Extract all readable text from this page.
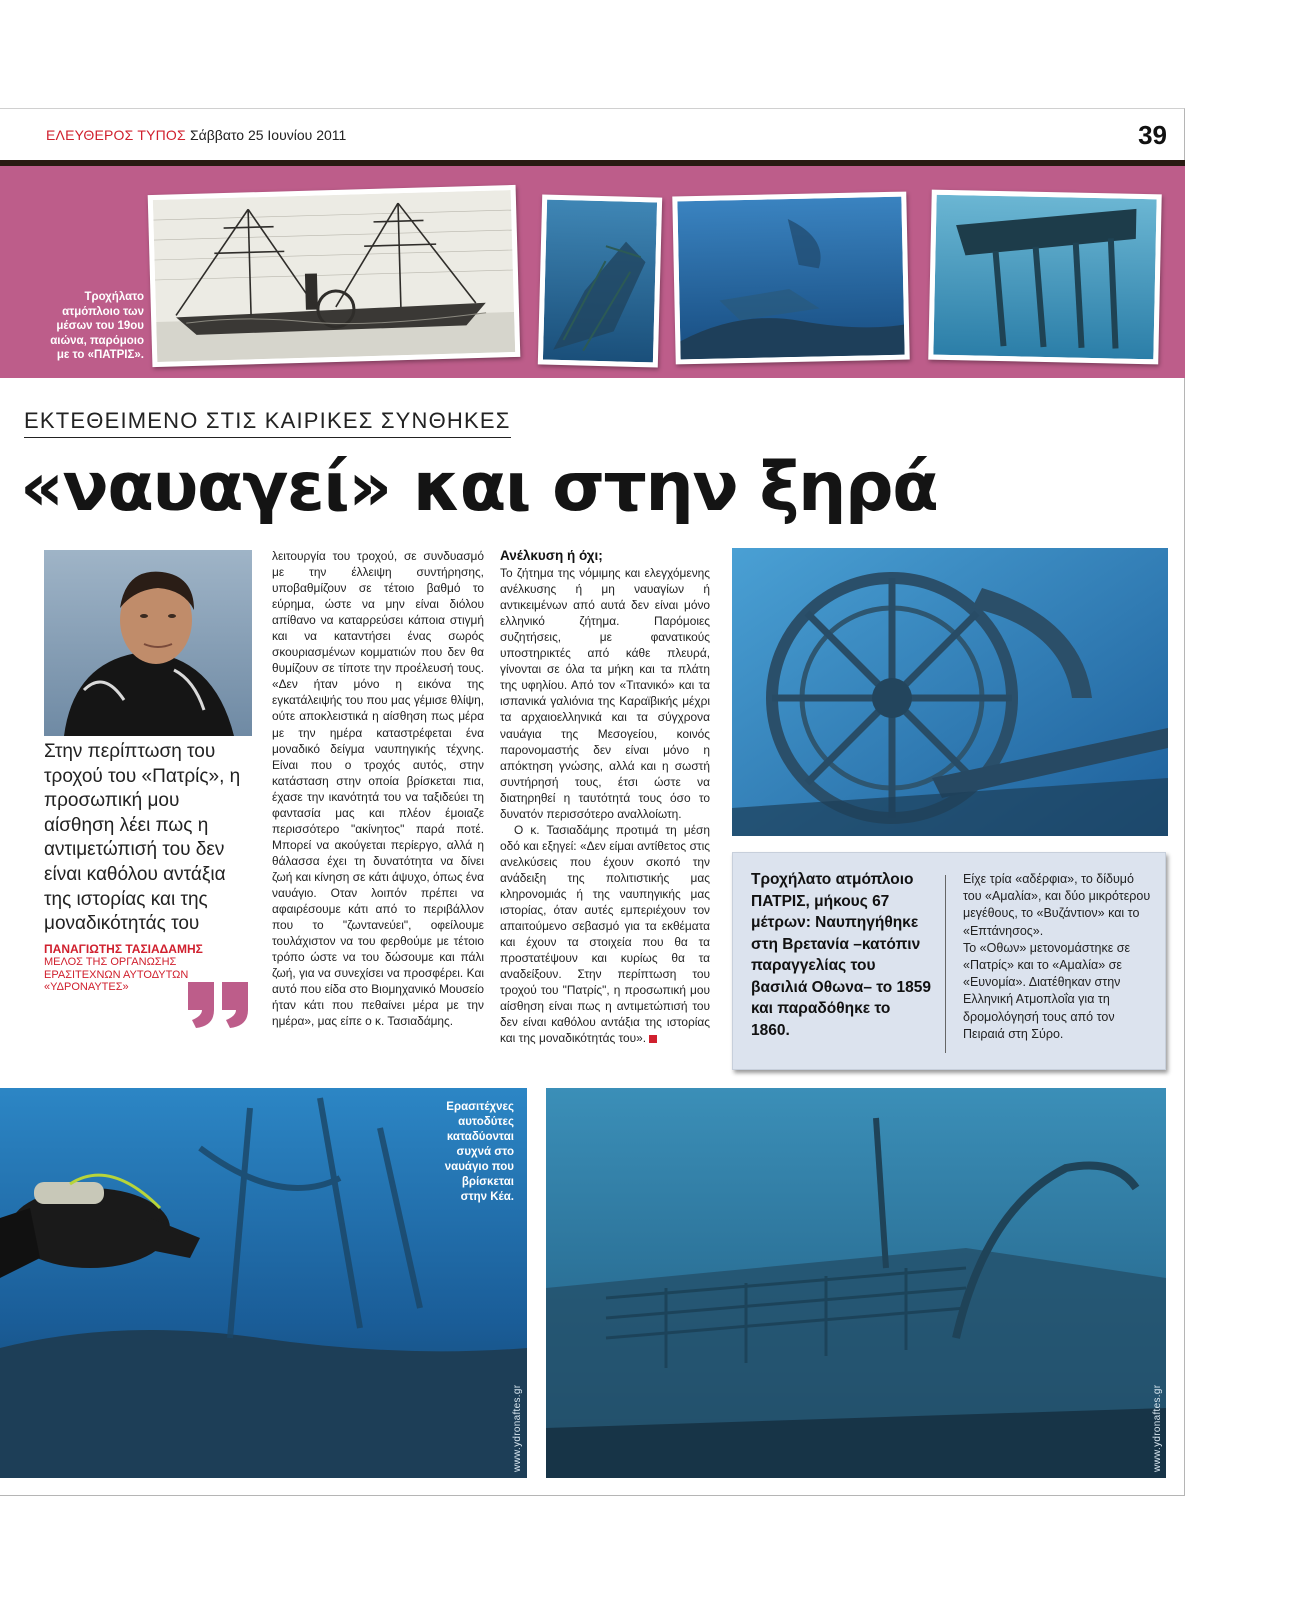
ΕΛΕΥΘΕΡΟΣ ΤΥΠΟΣ Σάββατο 25 Ιουνίου 2011	39
Τροχήλατο
ατμόπλοιο των
μέσων του 19ου
αιώνα, παρόμοιο
με το «ΠΑΤΡΙΣ».
ΕΚΤΕΘΕΙΜΕΝΟ ΣΤΙΣ ΚΑΙΡΙΚΕΣ ΣΥΝΘΗΚΕΣ
«ναυαγεί» και στην ξηρά
Στην περίπτωση του τροχού του «Πατρίς», η προσωπική μου αίσθηση λέει πως η αντιμετώπισή του δεν είναι καθόλου αντάξια της ιστορίας και της μοναδικότητάς του
ΠΑΝΑΓΙΩΤΗΣ ΤΑΣΙΑΔΑΜΗΣ
ΜΕΛΟΣ ΤΗΣ ΟΡΓΑΝΩΣΗΣ ΕΡΑΣΙΤΕΧΝΩΝ ΑΥΤΟΔΥΤΩΝ «ΥΔΡΟΝΑΥΤΕΣ»

λειτουργία του τροχού, σε συνδυασμό με την έλλειψη συντήρησης, υποβαθμίζουν σε τέτοιο βαθμό το εύρημα, ώστε να μην είναι διόλου απίθανο να καταρρεύσει κάποια στιγμή και να καταντήσει ένας σωρός σκουριασμένων κομματιών που δεν θα θυμίζουν σε τίποτε την προέλευσή τους. «Δεν ήταν μόνο η εικόνα της εγκατάλειψής του που μας γέμισε θλίψη, ούτε αποκλειστικά η αίσθηση πως μέρα με την ημέρα καταστρέφεται ένα μοναδικό δείγμα ναυπηγικής τέχνης. Είναι που ο τροχός αυτός, στην κατάσταση στην οποία βρίσκεται πια, έχασε την ικανότητά του να ταξιδεύει τη φαντασία μας και πλέον έμοιαζε περισσότερο "ακίνητος" παρά ποτέ. Μπορεί να ακούγεται περίεργο, αλλά η θάλασσα έχει τη δυνατότητα να δίνει ζωή και κίνηση σε κάτι άψυχο, όπως ένα ναυάγιο. Οταν λοιπόν πρέπει να αφαιρέσουμε κάτι από το περιβάλλον που το "ζωντανεύει", οφείλουμε τουλάχιστον να του φερθούμε με τέτοιο τρόπο ώστε να του δώσουμε και πάλι ζωή, για να συνεχίσει να προσφέρει. Και αυτό που είδα στο Βιομηχανικό Μουσείο ήταν κάτι που πεθαίνει μέρα με την ημέρα», μας είπε ο κ. Τασιαδάμης.

Ανέλκυση ή όχι;

Το ζήτημα της νόμιμης και ελεγχόμενης ανέλκυσης ή μη ναυαγίων ή αντικειμένων από αυτά δεν είναι μόνο ελληνικό ζήτημα. Παρόμοιες συζητήσεις, με φανατικούς υποστηρικτές από κάθε πλευρά, γίνονται σε όλα τα μήκη και τα πλάτη της υφηλίου. Από τον «Τιτανικό» και τα ισπανικά γαλιόνια της Καραϊβικής μέχρι τα αρχαιοελληνικά και τα σύγχρονα ναυάγια της Μεσογείου, κοινός παρονομαστής δεν είναι μόνο η απόκτηση γνώσης, αλλά και η σωστή συντήρησή τους, έτσι ώστε να διατηρηθεί η ταυτότητά τους όσο το δυνατόν περισσότερο αναλλοίωτη.

Ο κ. Τασιαδάμης προτιμά τη μέση οδό και εξηγεί: «Δεν είμαι αντίθετος στις ανελκύσεις που έχουν σκοπό την ανάδειξη της πολιτιστικής μας κληρονομιάς ή της ναυπηγικής μας ιστορίας, όταν αυτές εμπεριέχουν τον απαιτούμενο σεβασμό για τα εκθέματα και έχουν τα στοιχεία που θα τα προστατέψουν και κυρίως θα τα αναδείξουν. Στην περίπτωση του τροχού του "Πατρίς", η προσωπική μου αίσθηση είναι πως η αντιμετώπισή του δεν είναι καθόλου αντάξια της ιστορίας και της μοναδικότητάς του».

Τροχήλατο ατμόπλοιο ΠΑΤΡΙΣ, μήκους 67 μέτρων: Ναυπηγήθηκε στη Βρετανία –κατόπιν παραγγελίας του βασιλιά Οθωνα– το 1859 και παραδόθηκε το 1860.
Είχε τρία «αδέρφια», το δίδυμό του «Αμαλία», και δύο μικρότερου μεγέθους, το «Βυζάντιον» και το «Επτάνησος».
Το «Οθων» μετονομάστηκε σε «Πατρίς» και το «Αμαλία» σε «Ευνομία». Διατέθηκαν στην Ελληνική Ατμοπλοΐα για τη δρομολόγησή τους από τον Πειραιά στη Σύρο.
Ερασιτέχνες
αυτοδύτες
καταδύονται
συχνά στο
ναυάγιο που
βρίσκεται
στην Κέα.
www.ydronaftes.gr	www.ydronaftes.gr
